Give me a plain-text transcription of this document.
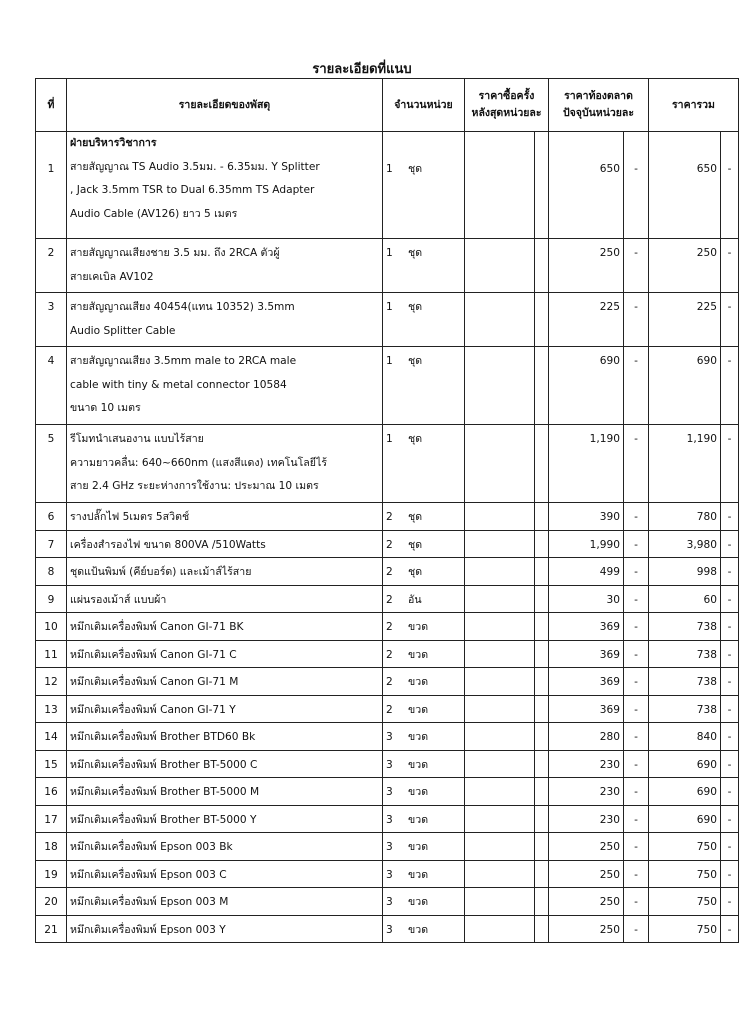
รายละเอียดที่แนบ
ที่	รายละเอียดของพัสดุ	จำนวนหน่วย	ราคาซื้อครั้ง หลังสุดหน่วยละ		ราคาท้องตลาด ปัจจุบันหน่วยละ		ราคารวม	
1	ฝ่ายบริหารวิชาการ
สายสัญญาณ TS Audio 3.5มม. - 6.35มม. Y Splitter
, Jack 3.5mm TSR to Dual 6.35mm TS Adapter
Audio Cable (AV126) ยาว 5 เมตร	1 ชุด			650	-	650	-
2	สายสัญญาณเสียงชาย 3.5 มม. ถึง 2RCA ตัวผู้
สายเคเบิล AV102	1 ชุด			250	-	250	-
3	สายสัญญาณเสียง 40454(แทน 10352) 3.5mm
Audio Splitter Cable	1 ชุด			225	-	225	-
4	สายสัญญาณเสียง 3.5mm male to 2RCA male
cable with tiny & metal connector 10584
ขนาด 10 เมตร	1 ชุด			690	-	690	-
5	รีโมทนำเสนองาน แบบไร้สาย
ความยาวคลื่น: 640~660nm (แสงสีแดง) เทคโนโลยีไร้
สาย 2.4 GHz ระยะห่างการใช้งาน: ประมาณ 10 เมตร	1 ชุด			1,190	-	1,190	-
6	รางปลั๊กไฟ 5เมตร 5สวิตช์	2 ชุด			390	-	780	-
7	เครื่องสำรองไฟ ขนาด 800VA /510Watts	2 ชุด			1,990	-	3,980	-
8	ชุดแป้นพิมพ์ (คีย์บอร์ด) และเม้าส์ไร้สาย	2 ชุด			499	-	998	-
9	แผ่นรองเม้าส์ แบบผ้า	2 อัน			30	-	60	-
10	หมึกเติมเครื่องพิมพ์ Canon GI-71 BK	2 ขวด			369	-	738	-
11	หมึกเติมเครื่องพิมพ์ Canon GI-71 C	2 ขวด			369	-	738	-
12	หมึกเติมเครื่องพิมพ์ Canon GI-71 M	2 ขวด			369	-	738	-
13	หมึกเติมเครื่องพิมพ์ Canon GI-71 Y	2 ขวด			369	-	738	-
14	หมึกเติมเครื่องพิมพ์ Brother BTD60 Bk	3 ขวด			280	-	840	-
15	หมึกเติมเครื่องพิมพ์ Brother BT-5000 C	3 ขวด			230	-	690	-
16	หมึกเติมเครื่องพิมพ์ Brother BT-5000 M	3 ขวด			230	-	690	-
17	หมึกเติมเครื่องพิมพ์ Brother BT-5000 Y	3 ขวด			230	-	690	-
18	หมึกเติมเครื่องพิมพ์ Epson 003 Bk	3 ขวด			250	-	750	-
19	หมึกเติมเครื่องพิมพ์ Epson 003 C	3 ขวด			250	-	750	-
20	หมึกเติมเครื่องพิมพ์ Epson 003 M	3 ขวด			250	-	750	-
21	หมึกเติมเครื่องพิมพ์ Epson 003 Y	3 ขวด			250	-	750	-
